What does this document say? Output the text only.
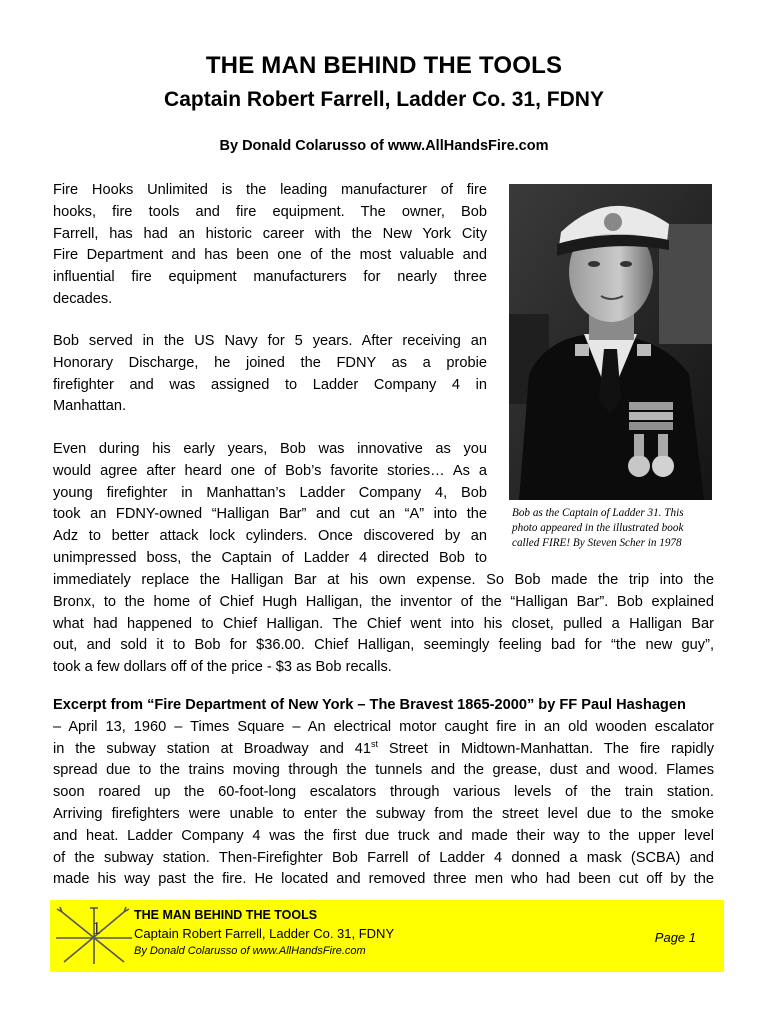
THE MAN BEHIND THE TOOLS
Captain Robert Farrell, Ladder Co. 31, FDNY
By Donald Colarusso of www.AllHandsFire.com
Fire Hooks Unlimited is the leading manufacturer of fire
hooks, fire tools and fire equipment. The owner, Bob
Farrell, has had an historic career with the New York City
Fire Department and has been one of the most valuable and
influential fire equipment manufacturers for nearly three
decades.
Bob served in the US Navy for 5 years. After receiving an
Honorary Discharge, he joined the FDNY as a probie
firefighter and was assigned to Ladder Company 4 in
Manhattan.
Even during his early years, Bob was innovative as you
would agree after heard one of Bob’s favorite stories… As a
young firefighter in Manhattan’s Ladder Company 4, Bob
took an FDNY-owned “Halligan Bar” and cut an “A” into the
Adz to better attack lock cylinders. Once discovered by an
unimpressed boss, the Captain of Ladder 4 directed Bob to
immediately replace the Halligan Bar at his own expense. So Bob made the trip into the
Bronx, to the home of Chief Hugh Halligan, the inventor of the “Halligan Bar”. Bob explained
what had happened to Chief Halligan. The Chief went into his closet, pulled a Halligan Bar
out, and sold it to Bob for $36.00. Chief Halligan, seemingly feeling bad for “the new guy”,
took a few dollars off of the price - $3 as Bob recalls.
Excerpt from “Fire Department of New York – The Bravest 1865-2000” by FF Paul Hashagen
– April 13, 1960 – Times Square – An electrical motor caught fire in an old wooden escalator
in the subway station at Broadway and 41st Street in Midtown-Manhattan. The fire rapidly
spread due to the trains moving through the tunnels and the grease, dust and wood. Flames
soon roared up the 60-foot-long escalators through various levels of the train station.
Arriving firefighters were unable to enter the subway from the street level due to the smoke
and heat. Ladder Company 4 was the first due truck and made their way to the upper level
of the subway station. Then-Firefighter Bob Farrell of Ladder 4 donned a mask (SCBA) and
made his way past the fire. He located and removed three men who had been cut off by the
Bob as the Captain of Ladder 31. This
photo appeared in the illustrated book
called FIRE! By Steven Scher in 1978
1
THE MAN BEHIND THE TOOLS
Captain Robert Farrell, Ladder Co. 31, FDNY
By Donald Colarusso of www.AllHandsFire.com
Page 1
